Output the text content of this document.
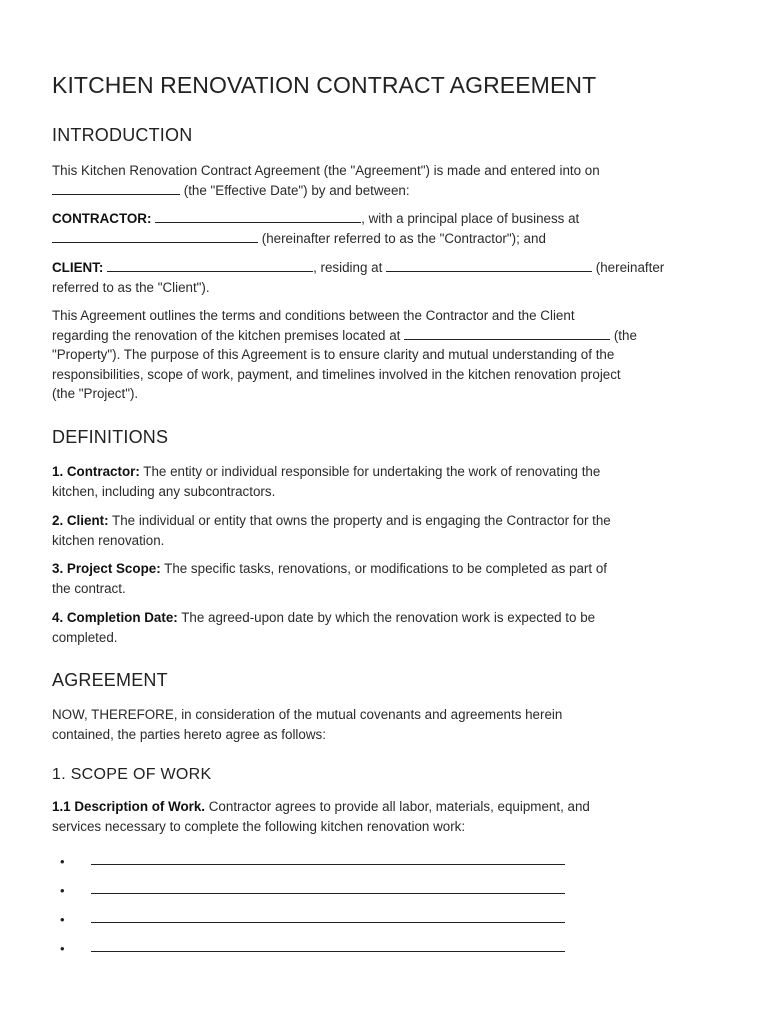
KITCHEN RENOVATION CONTRACT AGREEMENT
INTRODUCTION
This Kitchen Renovation Contract Agreement (the "Agreement") is made and entered into on
(the "Effective Date") by and between:
CONTRACTOR:	, with a principal place of business at
(hereinafter referred to as the "Contractor"); and
CLIENT:	, residing at	(hereinafter
referred to as the "Client").
This Agreement outlines the terms and conditions between the Contractor and the Client
regarding the renovation of the kitchen premises located at	(the
"Property"). The purpose of this Agreement is to ensure clarity and mutual understanding of the
responsibilities, scope of work, payment, and timelines involved in the kitchen renovation project
(the "Project").
DEFINITIONS
1. Contractor: The entity or individual responsible for undertaking the work of renovating the
kitchen, including any subcontractors.
2. Client: The individual or entity that owns the property and is engaging the Contractor for the
kitchen renovation.
3. Project Scope: The specific tasks, renovations, or modifications to be completed as part of
the contract.
4. Completion Date: The agreed-upon date by which the renovation work is expected to be
completed.
AGREEMENT
NOW, THEREFORE, in consideration of the mutual covenants and agreements herein
contained, the parties hereto agree as follows:
1. SCOPE OF WORK
1.1 Description of Work. Contractor agrees to provide all labor, materials, equipment, and
services necessary to complete the following kitchen renovation work:
•
•
•
•
